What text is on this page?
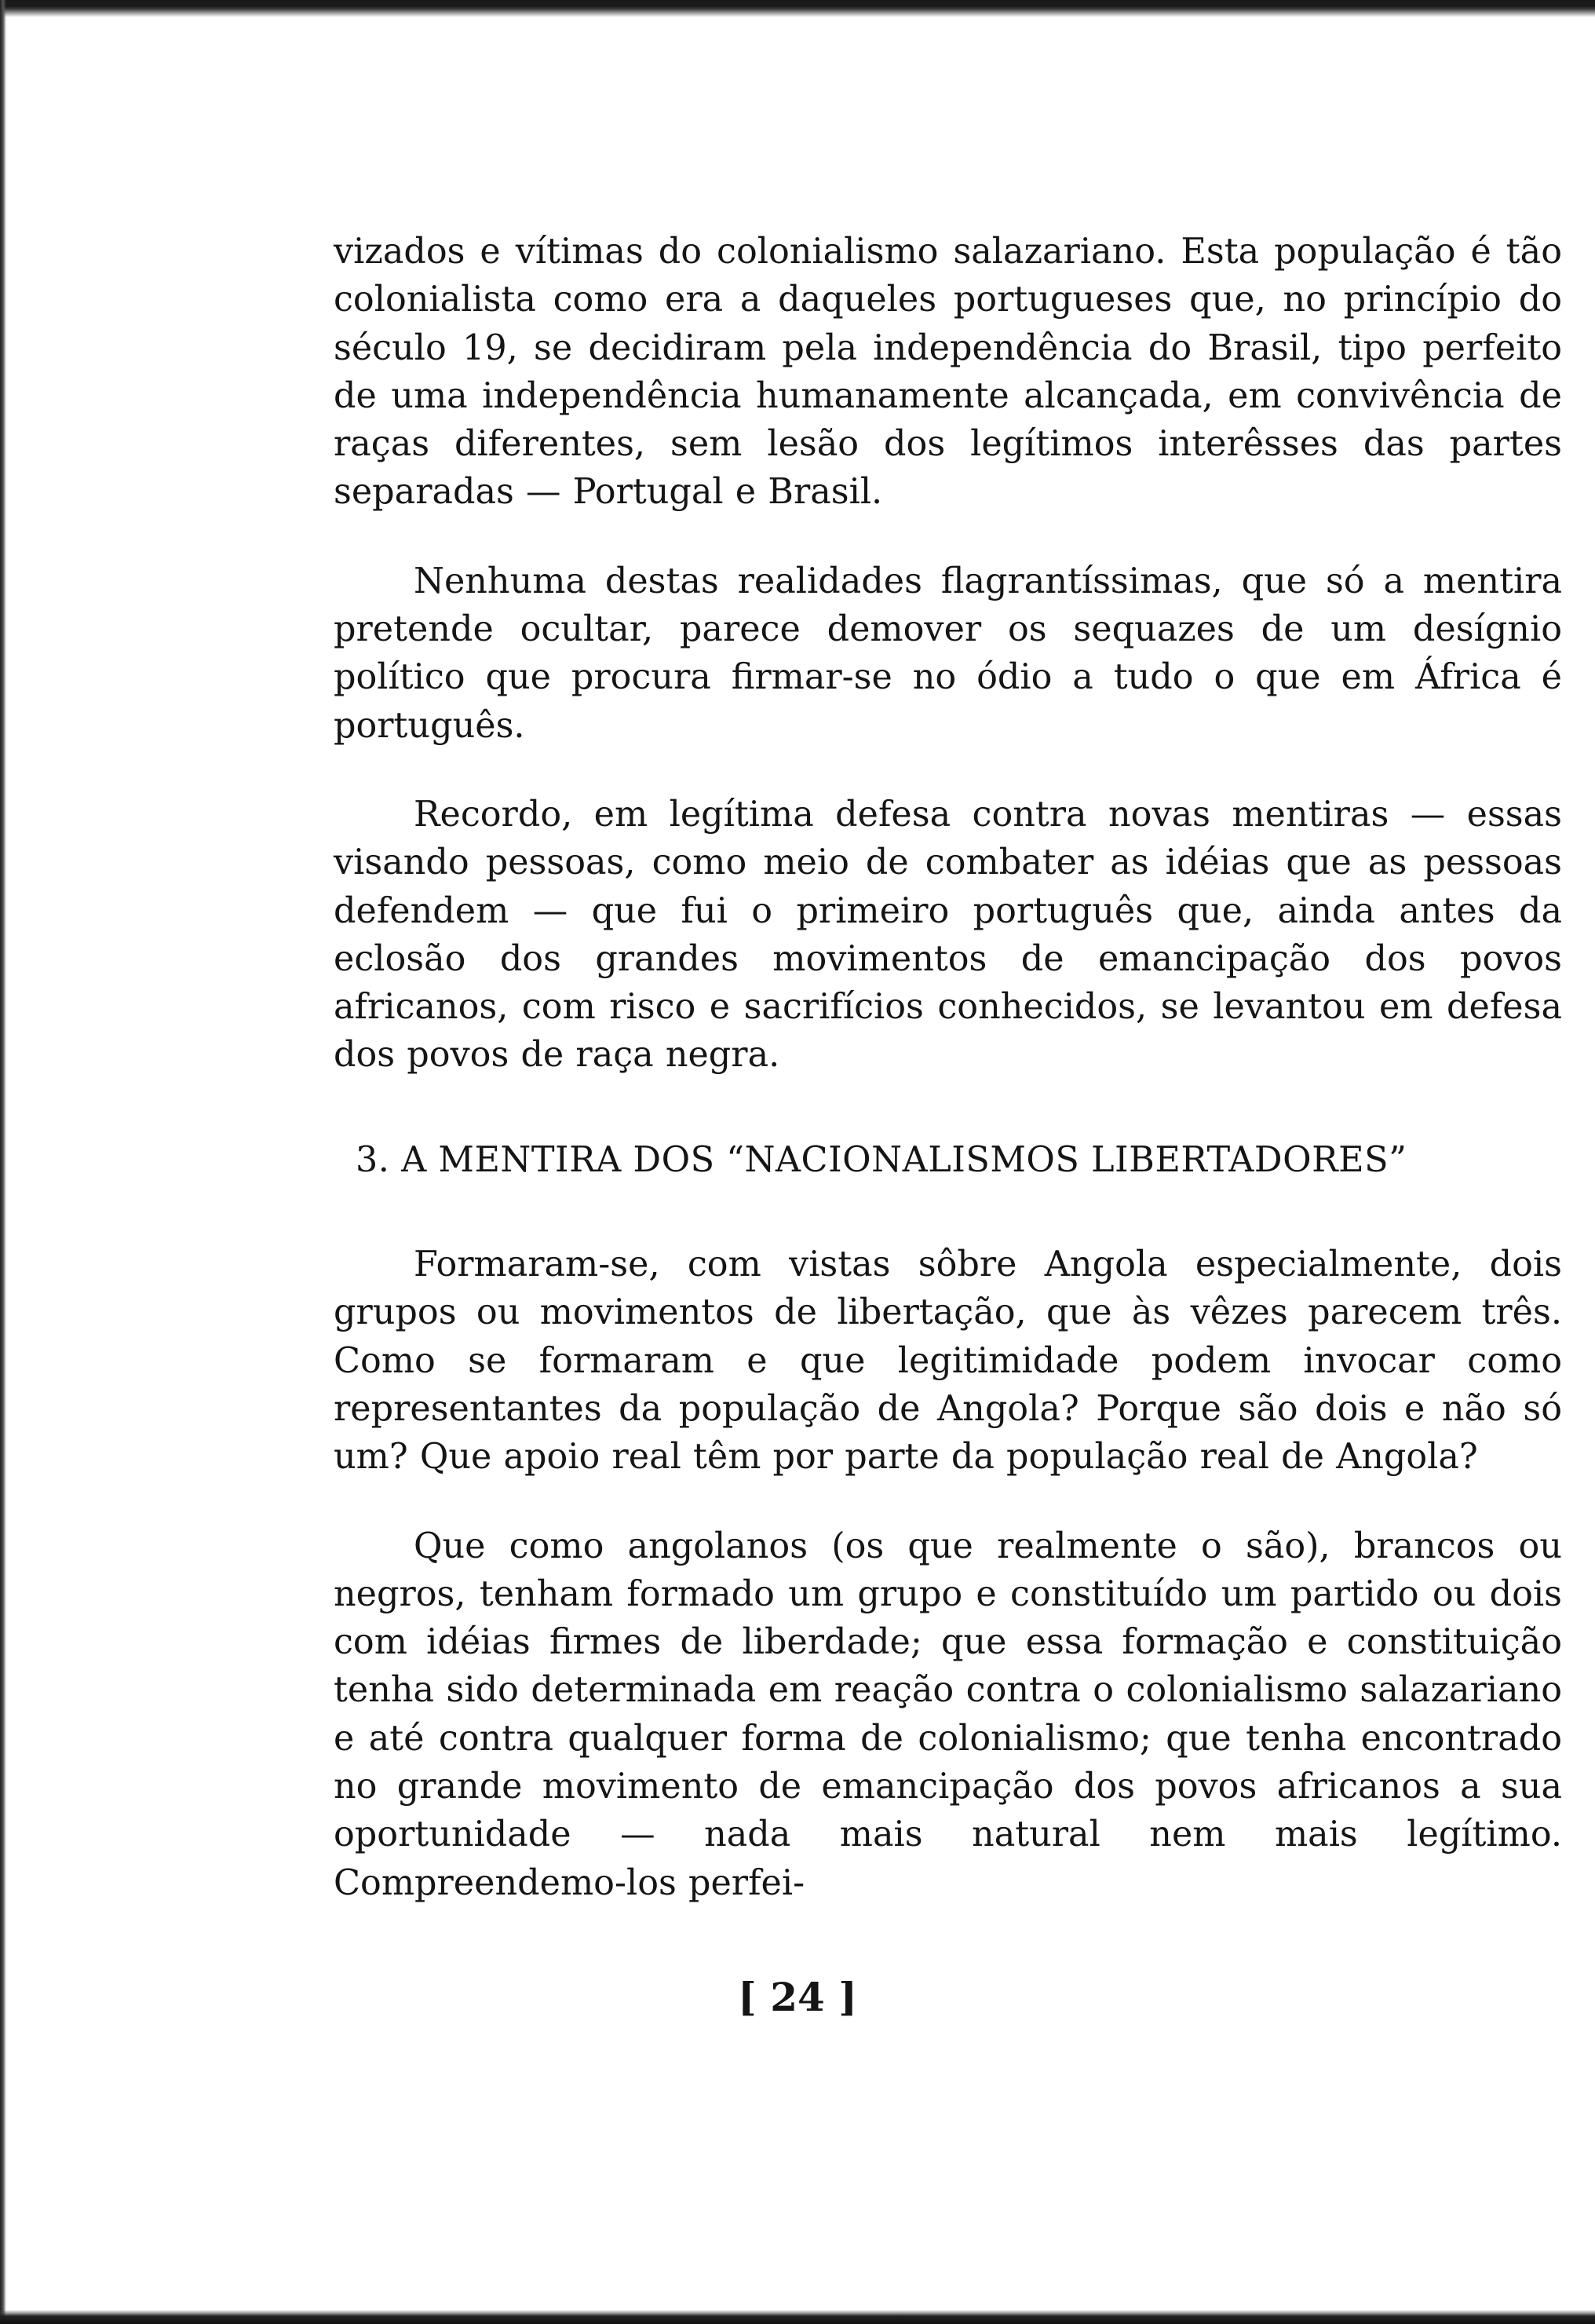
vizados e vítimas do colonialismo salazariano. Esta população é tão colonialista como era a daqueles portugueses que, no princípio do século 19, se decidiram pela independência do Brasil, tipo perfeito de uma independência humanamente alcançada, em convivência de raças diferentes, sem lesão dos legítimos interêsses das partes separadas — Portugal e Brasil.

Nenhuma destas realidades flagrantíssimas, que só a mentira pretende ocultar, parece demover os sequazes de um desígnio político que procura firmar-se no ódio a tudo o que em África é português.

Recordo, em legítima defesa contra novas mentiras — essas visando pessoas, como meio de combater as idéias que as pessoas defendem — que fui o primeiro português que, ainda antes da eclosão dos grandes movimentos de emancipação dos povos africanos, com risco e sacrifícios conhecidos, se levantou em defesa dos povos de raça negra.

3. A MENTIRA DOS “NACIONALISMOS LIBERTADORES”

Formaram-se, com vistas sôbre Angola especialmente, dois grupos ou movimentos de libertação, que às vêzes parecem três. Como se formaram e que legitimidade podem invocar como representantes da população de Angola? Porque são dois e não só um? Que apoio real têm por parte da população real de Angola?

Que como angolanos (os que realmente o são), brancos ou negros, tenham formado um grupo e constituído um partido ou dois com idéias firmes de liberdade; que essa formação e constituição tenha sido determinada em reação contra o colonialismo salazariano e até contra qualquer forma de colonialismo; que tenha encontrado no grande movimento de emancipação dos povos africanos a sua oportunidade — nada mais natural nem mais legítimo. Compreendemo-los perfei-

[ 24 ]
